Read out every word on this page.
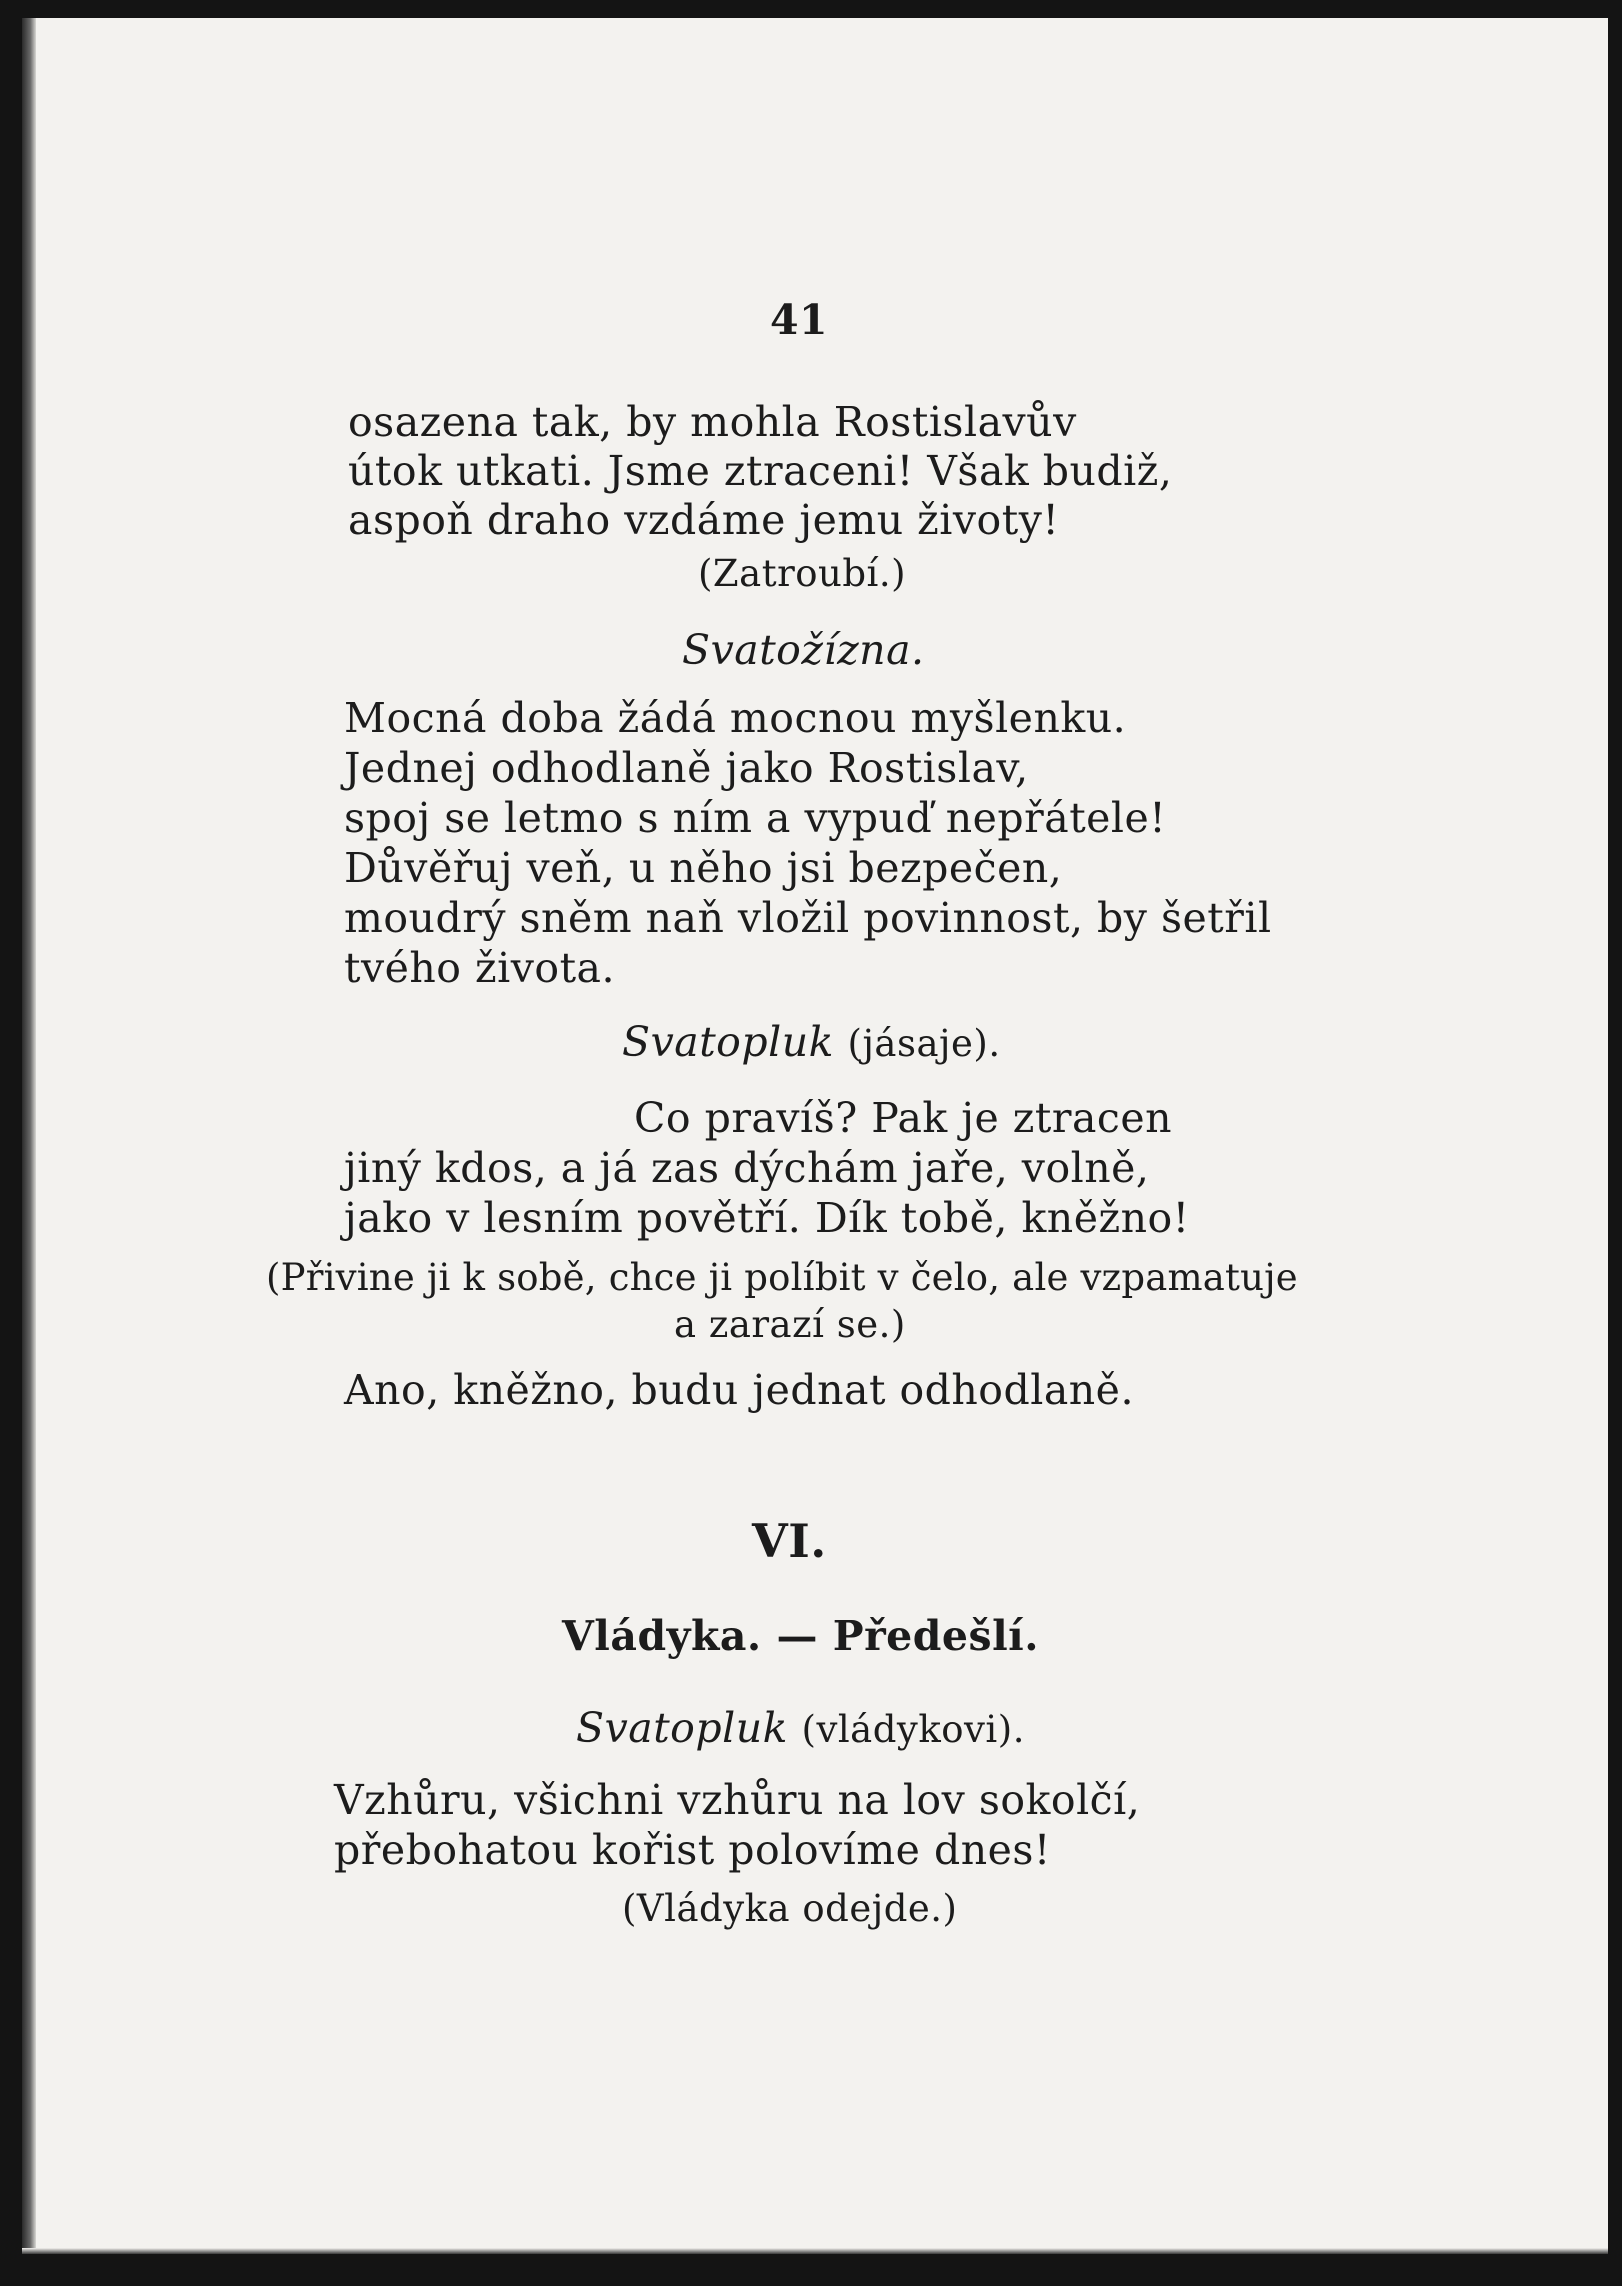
41
osazena tak, by mohla Rostislavův
útok utkati. Jsme ztraceni! Však budiž,
aspoň draho vzdáme jemu životy!
(Zatroubí.)
Svatožízna.
Mocná doba žádá mocnou myšlenku.
Jednej odhodlaně jako Rostislav,
spoj se letmo s ním a vypuď nepřátele!
Důvěřuj veň, u něho jsi bezpečen,
moudrý sněm naň vložil povinnost, by šetřil
tvého života.
Svatopluk (jásaje).
Co pravíš? Pak je ztracen
jiný kdos, a já zas dýchám jaře, volně,
jako v lesním povětří. Dík tobě, kněžno!
(Přivine ji k sobě, chce ji políbit v čelo, ale vzpamatuje
a zarazí se.)
Ano, kněžno, budu jednat odhodlaně.
VI.
Vládyka. — Předešlí.
Svatopluk (vládykovi).
Vzhůru, všichni vzhůru na lov sokolčí,
přebohatou kořist polovíme dnes!
(Vládyka odejde.)
